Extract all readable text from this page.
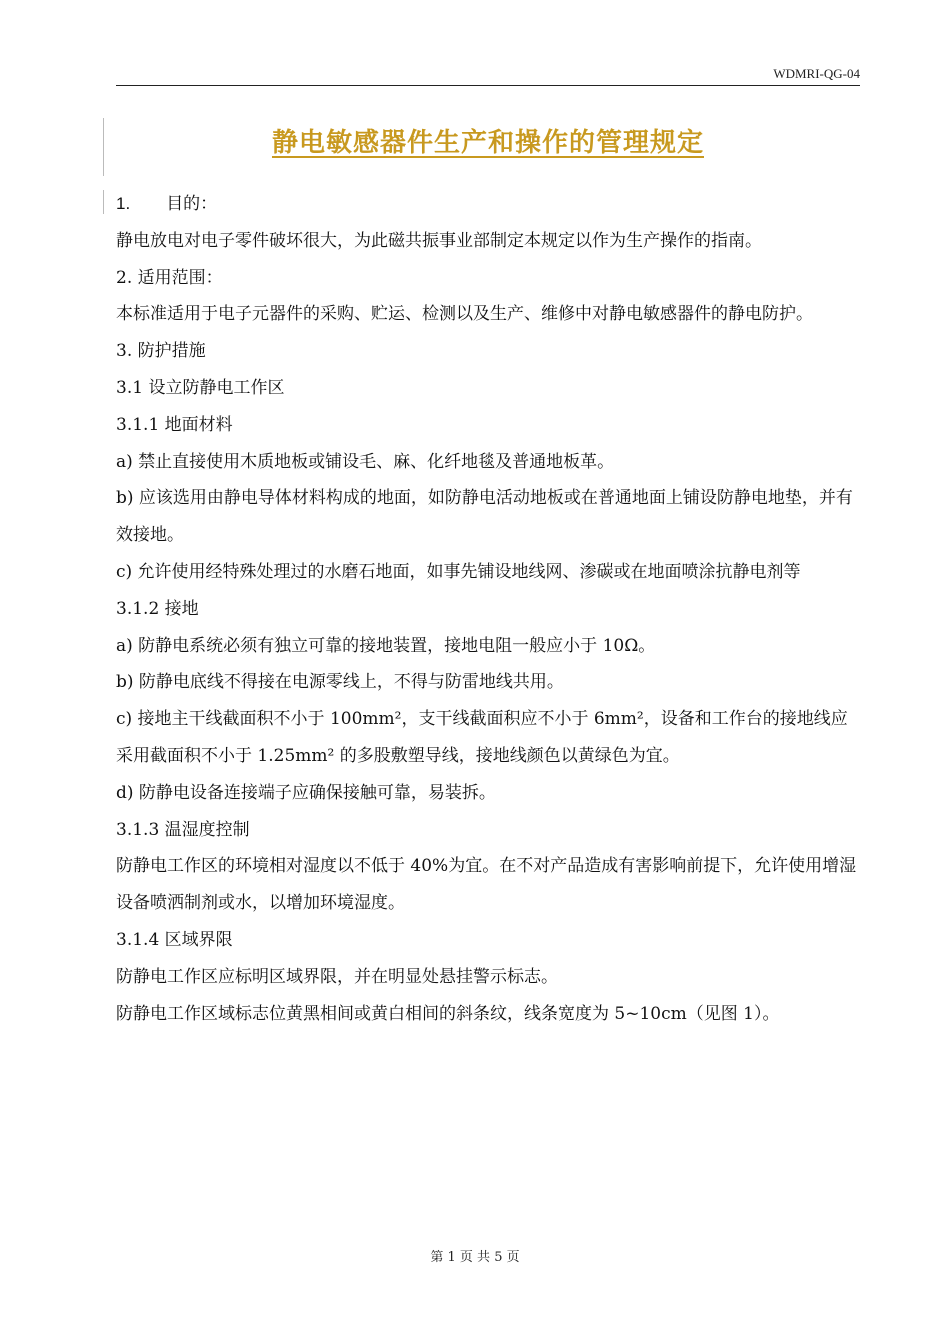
WDMRI-QG-04
静电敏感器件生产和操作的管理规定

1. 目的：

静电放电对电子零件破坏很大，为此磁共振事业部制定本规定以作为生产操作的指南。

2. 适用范围：

本标准适用于电子元器件的采购、贮运、检测以及生产、维修中对静电敏感器件的静电防护。

3. 防护措施

3.1 设立防静电工作区

3.1.1 地面材料

a) 禁止直接使用木质地板或铺设毛、麻、化纤地毯及普通地板革。

b) 应该选用由静电导体材料构成的地面，如防静电活动地板或在普通地面上铺设防静电地垫，并有效接地。

c) 允许使用经特殊处理过的水磨石地面，如事先铺设地线网、渗碳或在地面喷涂抗静电剂等

3.1.2 接地

a) 防静电系统必须有独立可靠的接地装置，接地电阻一般应小于 10Ω。

b) 防静电底线不得接在电源零线上，不得与防雷地线共用。

c) 接地主干线截面积不小于 100mm²，支干线截面积应不小于 6mm²，设备和工作台的接地线应采用截面积不小于 1.25mm² 的多股敷塑导线，接地线颜色以黄绿色为宜。

d) 防静电设备连接端子应确保接触可靠，易装拆。

3.1.3 温湿度控制

防静电工作区的环境相对湿度以不低于 40%为宜。在不对产品造成有害影响前提下，允许使用增湿设备喷洒制剂或水，以增加环境湿度。

3.1.4 区域界限

防静电工作区应标明区域界限，并在明显处悬挂警示标志。

防静电工作区域标志位黄黑相间或黄白相间的斜条纹，线条宽度为 5~10cm（见图 1）。

第 1 页 共 5 页
